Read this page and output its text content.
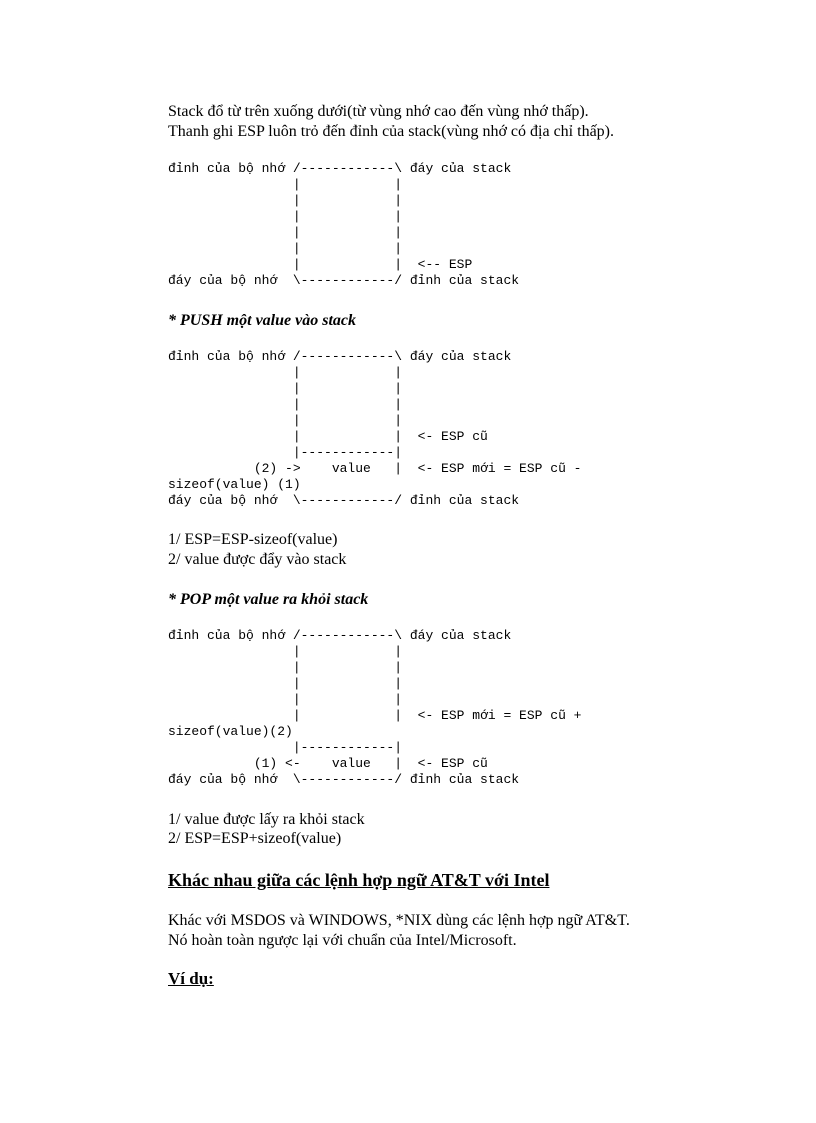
Stack đổ từ trên xuống dưới(từ vùng nhớ cao đến vùng nhớ thấp).

Thanh ghi ESP luôn trỏ đến đỉnh của stack(vùng nhớ có địa chỉ thấp).

đỉnh của bộ nhớ /------------\ đáy của stack
|            |
|            |
|            |
|            |
|            |
|            |  <-- ESP
đáy của bộ nhớ  \------------/ đỉnh của stack

* PUSH một value vào stack

đỉnh của bộ nhớ /------------\ đáy của stack
|            |
|            |
|            |
|            |
|            |  <- ESP cũ
|------------|
(2) ->    value   |  <- ESP mới = ESP cũ -
sizeof(value) (1)
đáy của bộ nhớ  \------------/ đỉnh của stack

1/ ESP=ESP-sizeof(value)

2/ value được đẩy vào stack

* POP một value ra khỏi stack

đỉnh của bộ nhớ /------------\ đáy của stack
|            |
|            |
|            |
|            |
|            |  <- ESP mới = ESP cũ +
sizeof(value)(2)
|------------|
(1) <-    value   |  <- ESP cũ
đáy của bộ nhớ  \------------/ đỉnh của stack

1/ value được lấy ra khỏi stack

2/ ESP=ESP+sizeof(value)

Khác nhau giữa các lệnh hợp ngữ AT&T với Intel

Khác với MSDOS và WINDOWS, *NIX dùng các lệnh hợp ngữ AT&T.

Nó hoàn toàn ngược lại với chuẩn của Intel/Microsoft.

Ví dụ:
